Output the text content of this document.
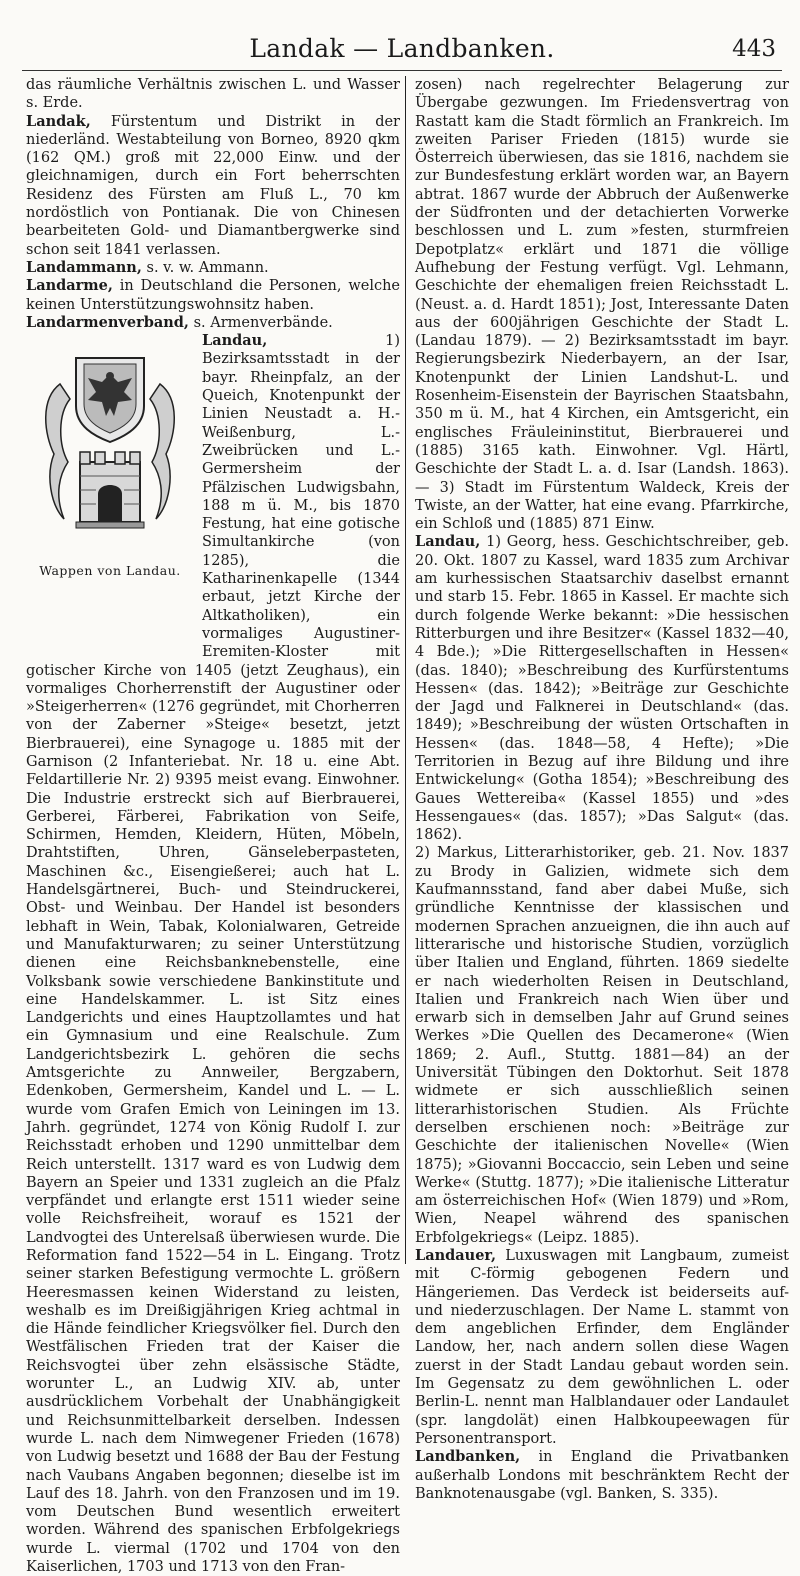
Landak — Landbanken.	443

das räumliche Verhältnis zwischen L. und Wasser s. Erde.

Landak, Fürstentum und Distrikt in der niederländ. Westabteilung von Borneo, 8920 qkm (162 QM.) groß mit 22,000 Einw. und der gleichnamigen, durch ein Fort beherrschten Residenz des Fürsten am Fluß L., 70 km nordöstlich von Pontianak. Die von Chinesen bearbeiteten Gold- und Diamantbergwerke sind schon seit 1841 verlassen.

Landammann, s. v. w. Ammann.

Landarme, in Deutschland die Personen, welche keinen Unterstützungswohnsitz haben.

Landarmenverband, s. Armenverbände.

Wappen von Landau.
Landau, 1) Bezirksamtsstadt in der bayr. Rheinpfalz, an der Queich, Knotenpunkt der Linien Neustadt a. H.-Weißenburg, L.-Zweibrücken und L.-Germersheim der Pfälzischen Ludwigsbahn, 188 m ü. M., bis 1870 Festung, hat eine gotische Simultankirche (von 1285), die Katharinenkapelle (1344 erbaut, jetzt Kirche der Altkatholiken), ein vormaliges Augustiner-Eremiten-Kloster mit gotischer Kirche von 1405 (jetzt Zeughaus), ein vormaliges Chorherrenstift der Augustiner oder »Steigerherren« (1276 gegründet, mit Chorherren von der Zaberner »Steige« besetzt, jetzt Bierbrauerei), eine Synagoge u. 1885 mit der Garnison (2 Infanteriebat. Nr. 18 u. eine Abt. Feldartillerie Nr. 2) 9395 meist evang. Einwohner. Die Industrie erstreckt sich auf Bierbrauerei, Gerberei, Färberei, Fabrikation von Seife, Schirmen, Hemden, Kleidern, Hüten, Möbeln, Drahtstiften, Uhren, Gänseleberpasteten, Maschinen &c., Eisengießerei; auch hat L. Handelsgärtnerei, Buch- und Steindruckerei, Obst- und Weinbau. Der Handel ist besonders lebhaft in Wein, Tabak, Kolonialwaren, Getreide und Manufakturwaren; zu seiner Unterstützung dienen eine Reichsbanknebenstelle, eine Volksbank sowie verschiedene Bankinstitute und eine Handelskammer. L. ist Sitz eines Landgerichts und eines Hauptzollamtes und hat ein Gymnasium und eine Realschule. Zum Landgerichtsbezirk L. gehören die sechs Amtsgerichte zu Annweiler, Bergzabern, Edenkoben, Germersheim, Kandel und L. — L. wurde vom Grafen Emich von Leiningen im 13. Jahrh. gegründet, 1274 von König Rudolf I. zur Reichsstadt erhoben und 1290 unmittelbar dem Reich unterstellt. 1317 ward es von Ludwig dem Bayern an Speier und 1331 zugleich an die Pfalz verpfändet und erlangte erst 1511 wieder seine volle Reichsfreiheit, worauf es 1521 der Landvogtei des Unterelsaß überwiesen wurde. Die Reformation fand 1522—54 in L. Eingang. Trotz seiner starken Befestigung vermochte L. größern Heeresmassen keinen Widerstand zu leisten, weshalb es im Dreißigjährigen Krieg achtmal in die Hände feindlicher Kriegsvölker fiel. Durch den Westfälischen Frieden trat der Kaiser die Reichsvogtei über zehn elsässische Städte, worunter L., an Ludwig XIV. ab, unter ausdrücklichem Vorbehalt der Unabhängigkeit und Reichsunmittelbarkeit derselben. Indessen wurde L. nach dem Nimwegener Frieden (1678) von Ludwig besetzt und 1688 der Bau der Festung nach Vaubans Angaben begonnen; dieselbe ist im Lauf des 18. Jahrh. von den Franzosen und im 19. vom Deutschen Bund wesentlich erweitert worden. Während des spanischen Erbfolgekriegs wurde L. viermal (1702 und 1704 von den Kaiserlichen, 1703 und 1713 von den Fran-

zosen) nach regelrechter Belagerung zur Übergabe gezwungen. Im Friedensvertrag von Rastatt kam die Stadt förmlich an Frankreich. Im zweiten Pariser Frieden (1815) wurde sie Österreich überwiesen, das sie 1816, nachdem sie zur Bundesfestung erklärt worden war, an Bayern abtrat. 1867 wurde der Abbruch der Außenwerke der Südfronten und der detachierten Vorwerke beschlossen und L. zum »festen, sturmfreien Depotplatz« erklärt und 1871 die völlige Aufhebung der Festung verfügt. Vgl. Lehmann, Geschichte der ehemaligen freien Reichsstadt L. (Neust. a. d. Hardt 1851); Jost, Interessante Daten aus der 600jährigen Geschichte der Stadt L. (Landau 1879). — 2) Bezirksamtsstadt im bayr. Regierungsbezirk Niederbayern, an der Isar, Knotenpunkt der Linien Landshut-L. und Rosenheim-Eisenstein der Bayrischen Staatsbahn, 350 m ü. M., hat 4 Kirchen, ein Amtsgericht, ein englisches Fräuleininstitut, Bierbrauerei und (1885) 3165 kath. Einwohner. Vgl. Härtl, Geschichte der Stadt L. a. d. Isar (Landsh. 1863). — 3) Stadt im Fürstentum Waldeck, Kreis der Twiste, an der Watter, hat eine evang. Pfarrkirche, ein Schloß und (1885) 871 Einw.

Landau, 1) Georg, hess. Geschichtschreiber, geb. 20. Okt. 1807 zu Kassel, ward 1835 zum Archivar am kurhessischen Staatsarchiv daselbst ernannt und starb 15. Febr. 1865 in Kassel. Er machte sich durch folgende Werke bekannt: »Die hessischen Ritterburgen und ihre Besitzer« (Kassel 1832—40, 4 Bde.); »Die Rittergesellschaften in Hessen« (das. 1840); »Beschreibung des Kurfürstentums Hessen« (das. 1842); »Beiträge zur Geschichte der Jagd und Falknerei in Deutschland« (das. 1849); »Beschreibung der wüsten Ortschaften in Hessen« (das. 1848—58, 4 Hefte); »Die Territorien in Bezug auf ihre Bildung und ihre Entwickelung« (Gotha 1854); »Beschreibung des Gaues Wettereiba« (Kassel 1855) und »des Hessengaues« (das. 1857); »Das Salgut« (das. 1862).

2) Markus, Litterarhistoriker, geb. 21. Nov. 1837 zu Brody in Galizien, widmete sich dem Kaufmannsstand, fand aber dabei Muße, sich gründliche Kenntnisse der klassischen und modernen Sprachen anzueignen, die ihn auch auf litterarische und historische Studien, vorzüglich über Italien und England, führten. 1869 siedelte er nach wiederholten Reisen in Deutschland, Italien und Frankreich nach Wien über und erwarb sich in demselben Jahr auf Grund seines Werkes »Die Quellen des Decamerone« (Wien 1869; 2. Aufl., Stuttg. 1881—84) an der Universität Tübingen den Doktorhut. Seit 1878 widmete er sich ausschließlich seinen litterarhistorischen Studien. Als Früchte derselben erschienen noch: »Beiträge zur Geschichte der italienischen Novelle« (Wien 1875); »Giovanni Boccaccio, sein Leben und seine Werke« (Stuttg. 1877); »Die italienische Litteratur am österreichischen Hof« (Wien 1879) und »Rom, Wien, Neapel während des spanischen Erbfolgekriegs« (Leipz. 1885).

Landauer, Luxuswagen mit Langbaum, zumeist mit C-förmig gebogenen Federn und Hängeriemen. Das Verdeck ist beiderseits auf- und niederzuschlagen. Der Name L. stammt von dem angeblichen Erfinder, dem Engländer Landow, her, nach andern sollen diese Wagen zuerst in der Stadt Landau gebaut worden sein. Im Gegensatz zu dem gewöhnlichen L. oder Berlin-L. nennt man Halblandauer oder Landaulet (spr. langdolät) einen Halbkoupeewagen für Personentransport.

Landbanken, in England die Privatbanken außerhalb Londons mit beschränktem Recht der Banknotenausgabe (vgl. Banken, S. 335).
